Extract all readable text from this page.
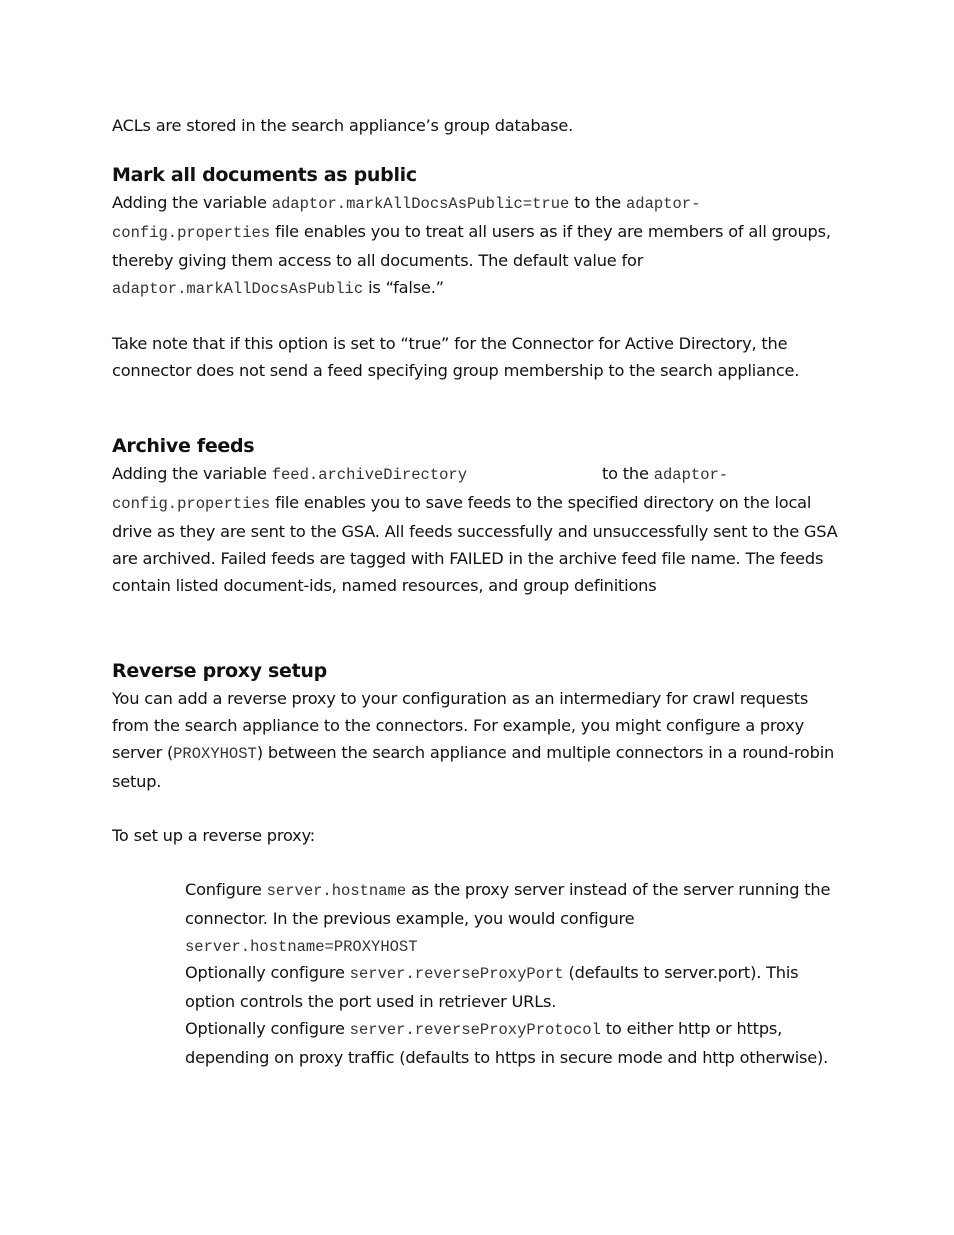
ACLs are stored in the search appliance’s group database.

Mark all documents as public

Adding the variable adaptor.markAllDocsAsPublic=true to the adaptor-config.properties file enables you to treat all users as if they are members of all groups, thereby giving them access to all documents. The default value for adaptor.markAllDocsAsPublic is “false.”

Take note that if this option is set to “true” for the Connector for Active Directory, the connector does not send a feed specifying group membership to the search appliance.

Archive feeds

Adding the variable feed.archiveDirectory	to the adaptor-config.properties file enables you to save feeds to the specified directory on the local drive as they are sent to the GSA. All feeds successfully and unsuccessfully sent to the GSA are archived. Failed feeds are tagged with FAILED in the archive feed file name. The feeds contain listed document-ids, named resources, and group definitions

Reverse proxy setup

You can add a reverse proxy to your configuration as an intermediary for crawl requests from the search appliance to the connectors. For example, you might configure a proxy server (PROXYHOST) between the search appliance and multiple connectors in a round-robin setup.

To set up a reverse proxy:

Configure server.hostname as the proxy server instead of the server running the connector. In the previous example, you would configure
server.hostname=PROXYHOST

Optionally configure server.reverseProxyPort (defaults to server.port). This option controls the port used in retriever URLs.

Optionally configure server.reverseProxyProtocol to either http or https, depending on proxy traffic (defaults to https in secure mode and http otherwise).
